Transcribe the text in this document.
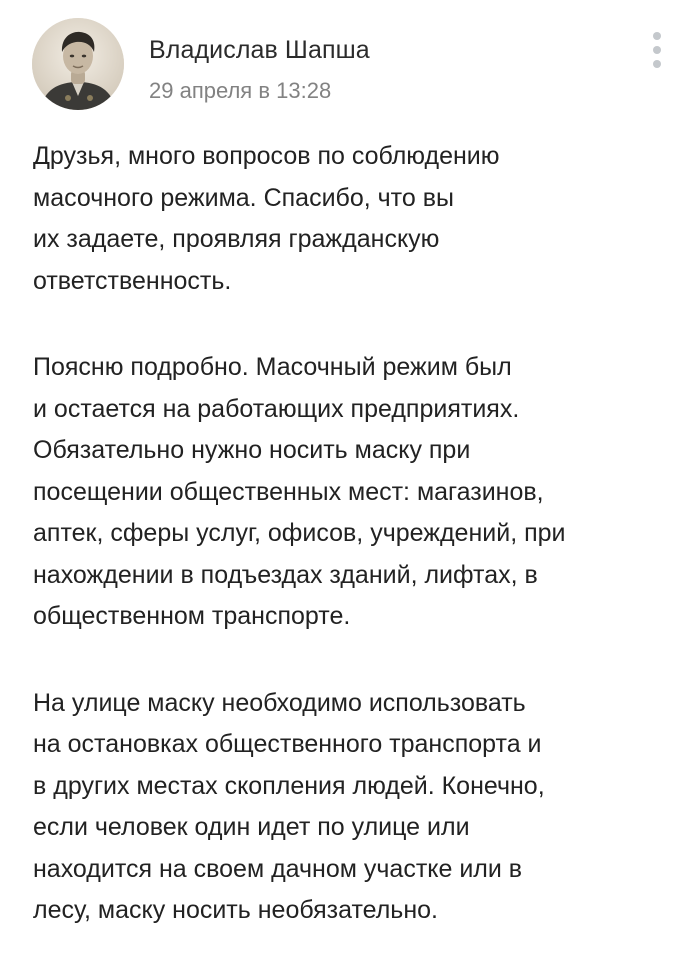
Владислав Шапша
29 апреля в 13:28
Друзья, много вопросов по соблюдению
масочного режима. Спасибо, что вы
их задаете, проявляя гражданскую
ответственность.
Поясню подробно. Масочный режим был
и остается на работающих предприятиях.
Обязательно нужно носить маску при
посещении общественных мест: магазинов,
аптек, сферы услуг, офисов, учреждений, при
нахождении в подъездах зданий, лифтах, в
общественном транспорте.
На улице маску необходимо использовать
на остановках общественного транспорта и
в других местах скопления людей. Конечно,
если человек один идет по улице или
находится на своем дачном участке или в
лесу, маску носить необязательно.
